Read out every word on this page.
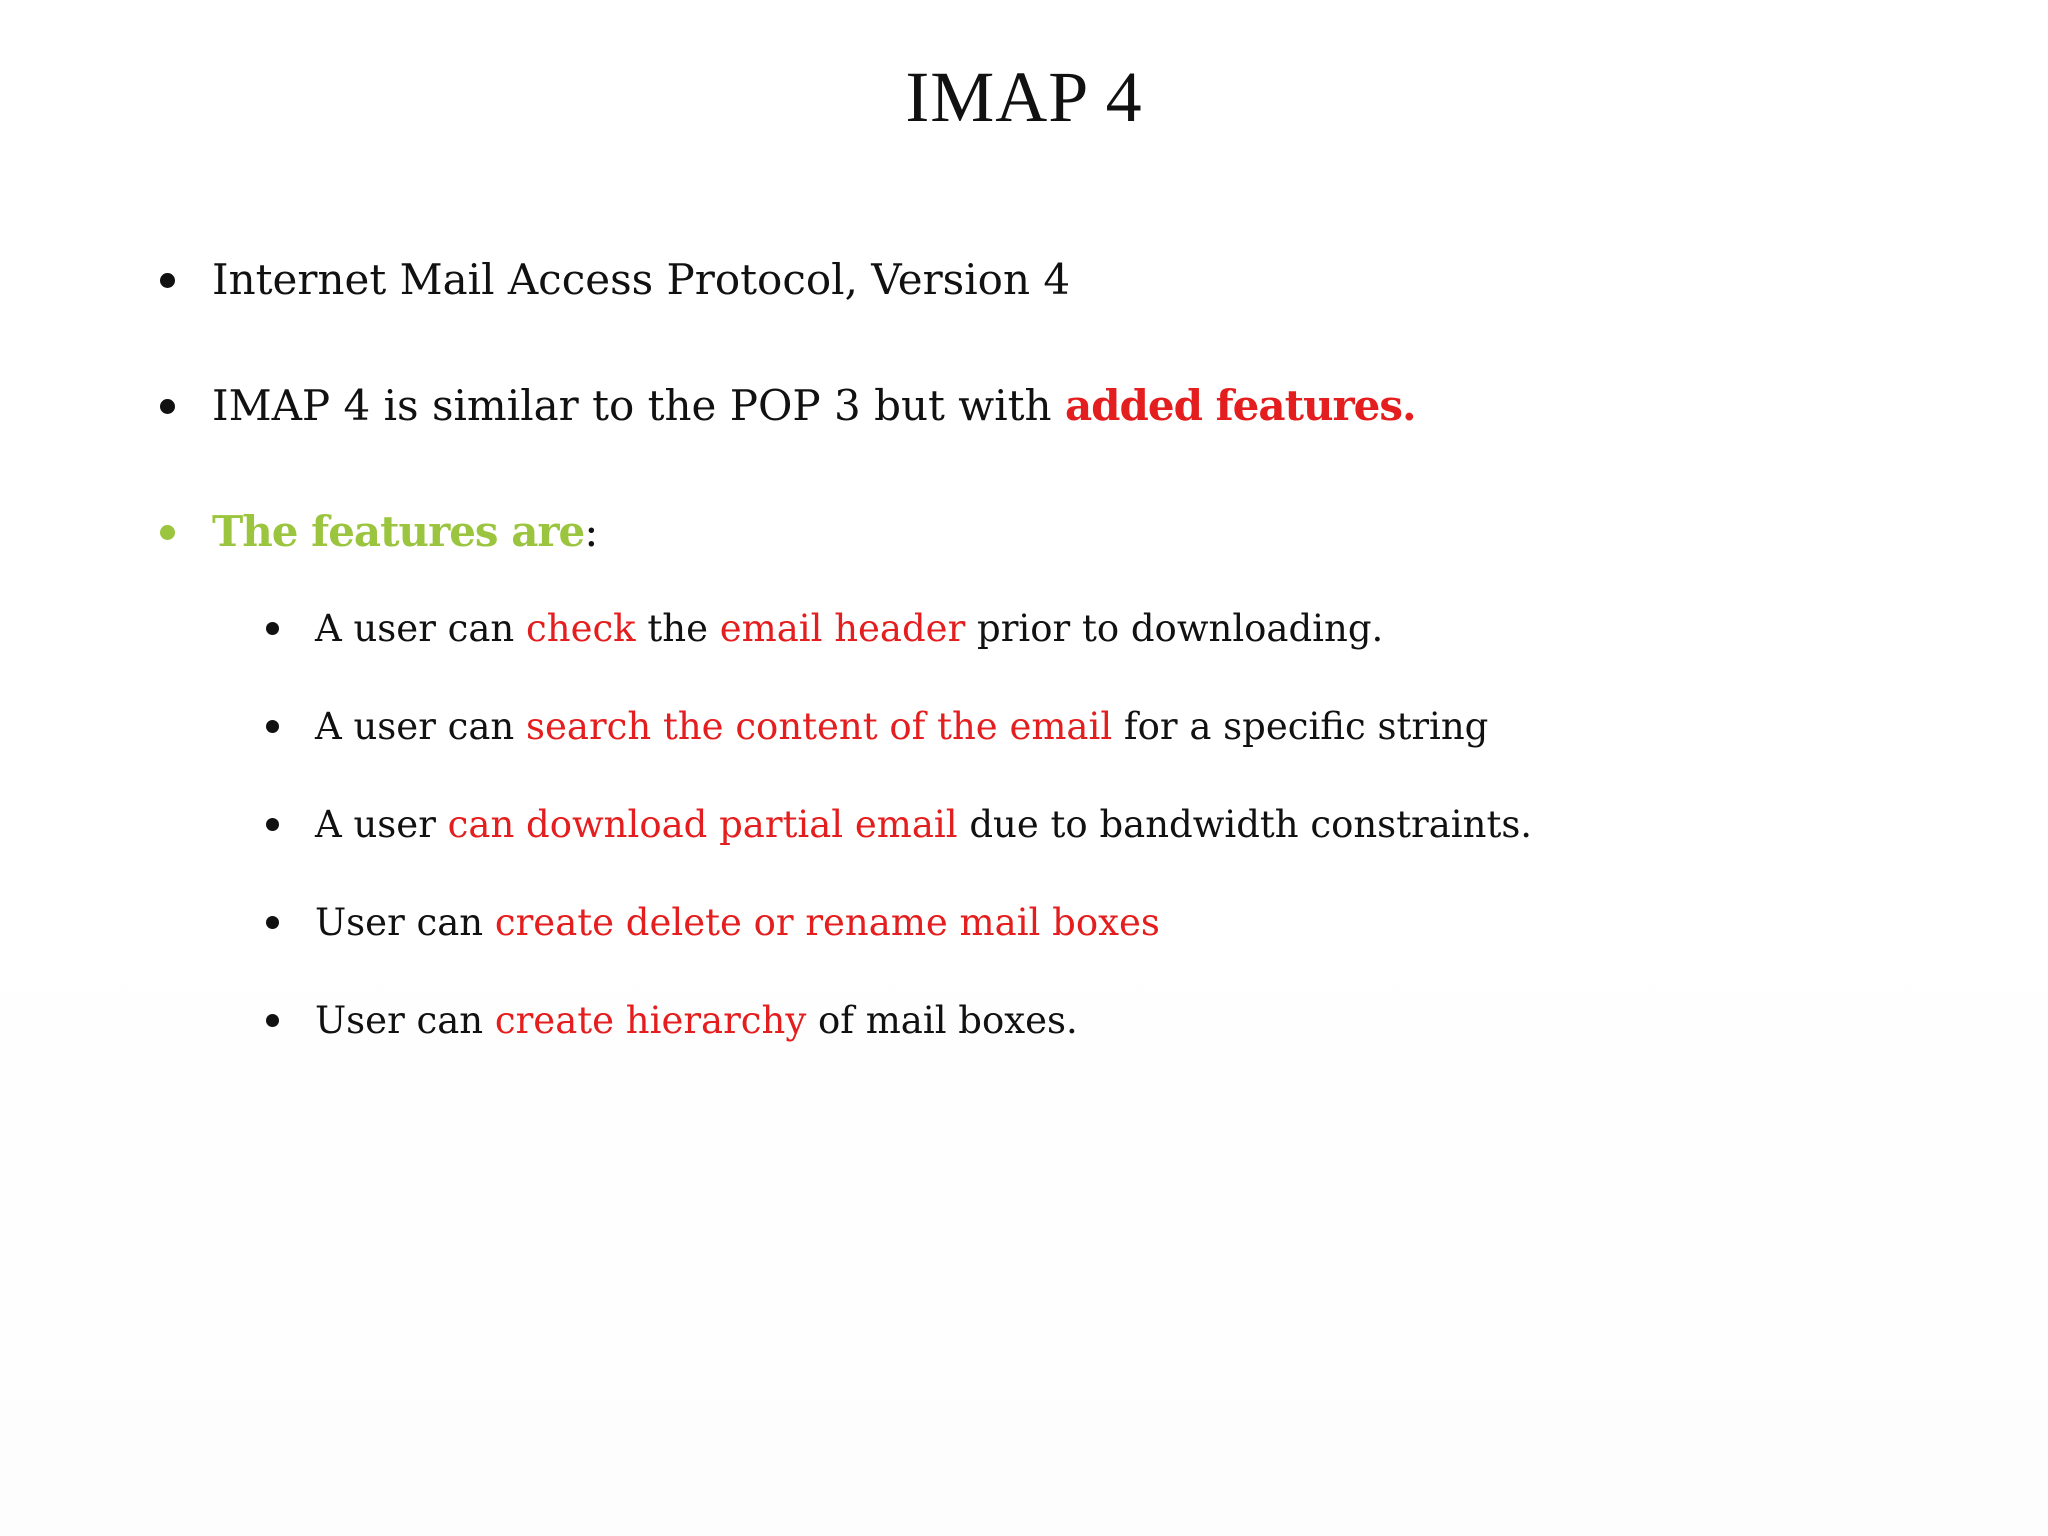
IMAP 4
Internet Mail Access Protocol, Version 4
IMAP 4 is similar to the POP 3 but with added features.
The features are:
A user can check the email header prior to downloading.
A user can search the content of the email for a specific string
A user can download partial email due to bandwidth constraints.
User can create delete or rename mail boxes
User can create hierarchy of mail boxes.
